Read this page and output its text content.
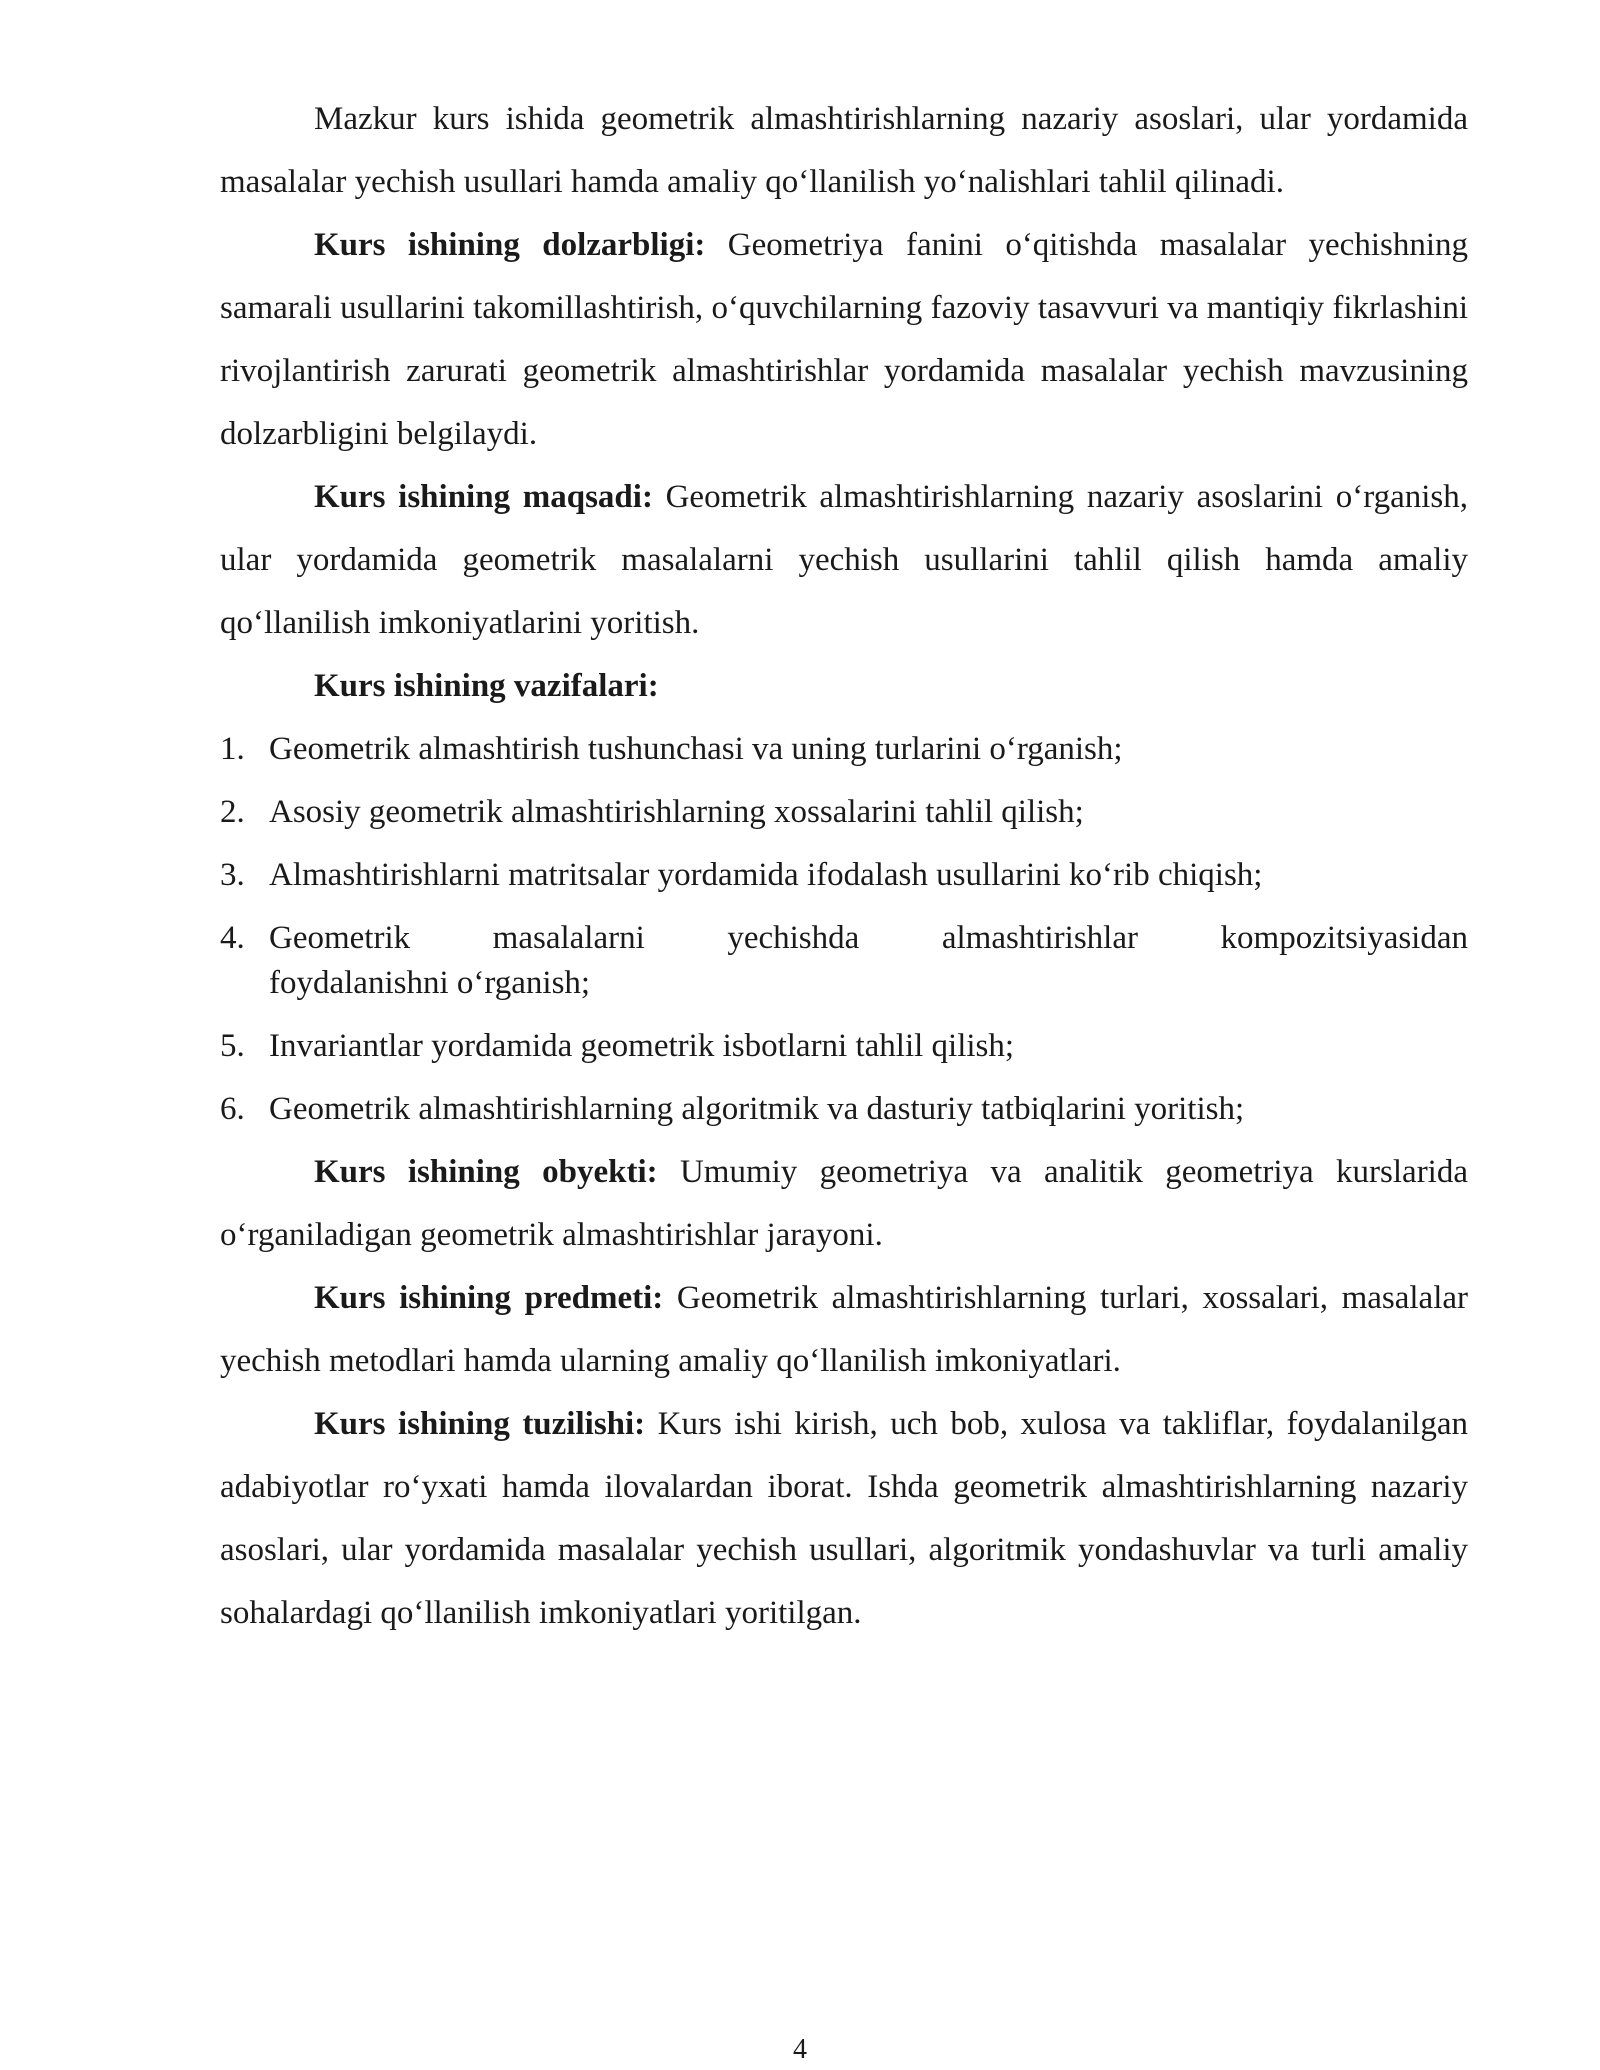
Mazkur kurs ishida geometrik almashtirishlarning nazariy asoslari, ular yordamida masalalar yechish usullari hamda amaliy qoʻllanilish yoʻnalishlari tahlil qilinadi.

Kurs ishining dolzarbligi: Geometriya fanini oʻqitishda masalalar yechishning samarali usullarini takomillashtirish, oʻquvchilarning fazoviy tasavvuri va mantiqiy fikrlashini rivojlantirish zarurati geometrik almashtirishlar yordamida masalalar yechish mavzusining dolzarbligini belgilaydi.

Kurs ishining maqsadi: Geometrik almashtirishlarning nazariy asoslarini oʻrganish, ular yordamida geometrik masalalarni yechish usullarini tahlil qilish hamda amaliy qoʻllanilish imkoniyatlarini yoritish.

Kurs ishining vazifalari:
1. Geometrik almashtirish tushunchasi va uning turlarini oʻrganish;
2. Asosiy geometrik almashtirishlarning xossalarini tahlil qilish;
3. Almashtirishlarni matritsalar yordamida ifodalash usullarini koʻrib chiqish;
4. Geometrik masalalarni yechishda almashtirishlar kompozitsiyasidan
foydalanishni oʻrganish;
5. Invariantlar yordamida geometrik isbotlarni tahlil qilish;
6. Geometrik almashtirishlarning algoritmik va dasturiy tatbiqlarini yoritish;

Kurs ishining obyekti: Umumiy geometriya va analitik geometriya kurslarida oʻrganiladigan geometrik almashtirishlar jarayoni.

Kurs ishining predmeti: Geometrik almashtirishlarning turlari, xossalari, masalalar yechish metodlari hamda ularning amaliy qoʻllanilish imkoniyatlari.

Kurs ishining tuzilishi: Kurs ishi kirish, uch bob, xulosa va takliflar, foydalanilgan adabiyotlar roʻyxati hamda ilovalardan iborat. Ishda geometrik almashtirishlarning nazariy asoslari, ular yordamida masalalar yechish usullari, algoritmik yondashuvlar va turli amaliy sohalardagi qoʻllanilish imkoniyatlari yoritilgan.

4
